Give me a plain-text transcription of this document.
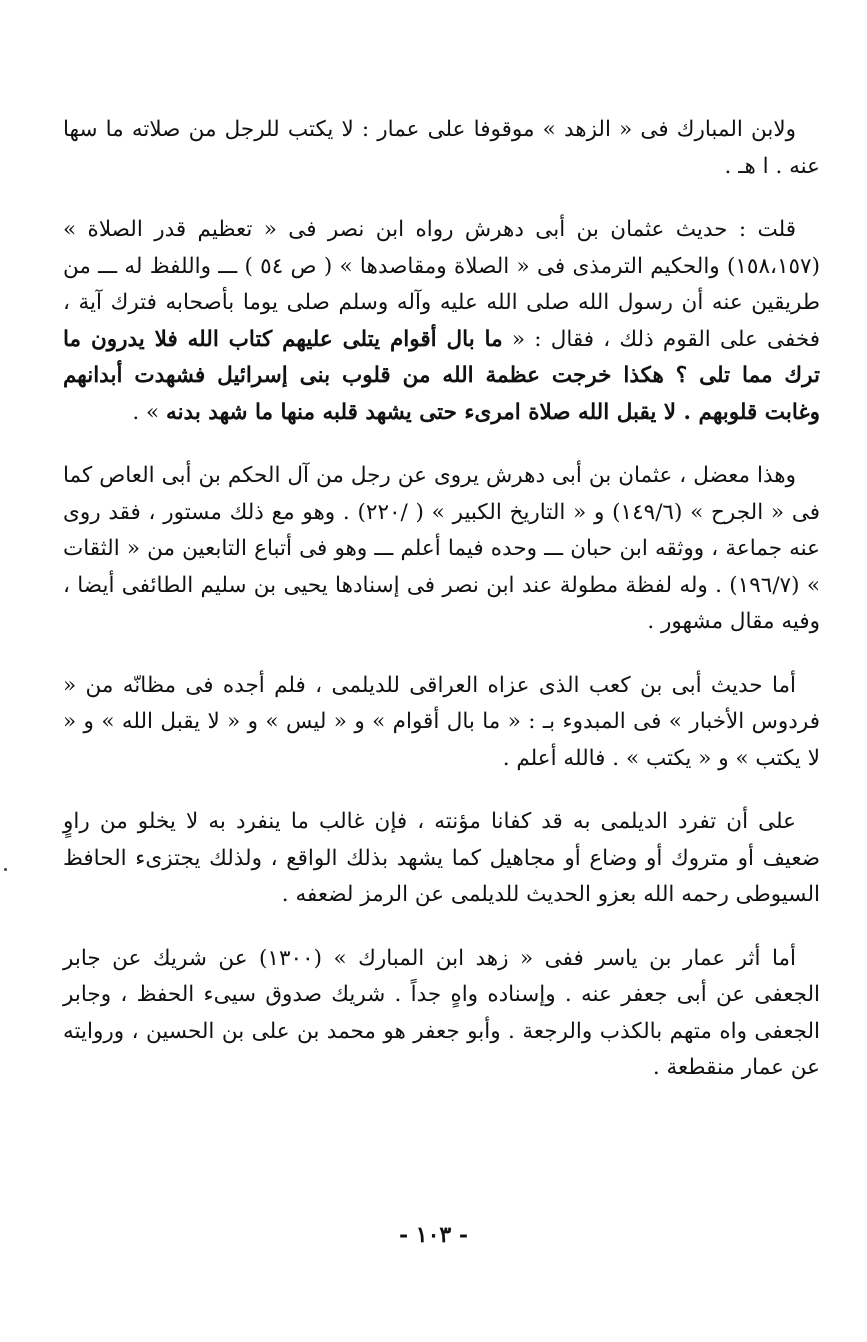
ولابن المبارك فى « الزهد » موقوفا على عمار : لا يكتب للرجل من صلاته ما سها عنه . ا هـ .

قلت : حديث عثمان بن أبى دهرش رواه ابن نصر فى « تعظيم قدر الصلاة » (١٥٨،١٥٧) والحكيم الترمذى فى « الصلاة ومقاصدها » ( ص ٥٤ ) ـــ واللفظ له ـــ من طريقين عنه أن رسول الله صلى الله عليه وآله وسلم صلى يوما بأصحابه فترك آية ، فخفى على القوم ذلك ، فقال : « ما بال أقوام يتلى عليهم كتاب الله فلا يدرون ما ترك مما تلى ؟ هكذا خرجت عظمة الله من قلوب بنى إسرائيل فشهدت أبدانهم وغابت قلوبهم . لا يقبل الله صلاة امرىء حتى يشهد قلبه منها ما شهد بدنه » .

وهذا معضل ، عثمان بن أبى دهرش يروى عن رجل من آل الحكم بن أبى العاص كما فى « الجرح » (١٤٩/٦) و « التاريخ الكبير » ( /٢٢٠) . وهو مع ذلك مستور ، فقد روى عنه جماعة ، ووثقه ابن حبان ـــ وحده فيما أعلم ـــ وهو فى أتباع التابعين من « الثقات » (١٩٦/٧) . وله لفظة مطولة عند ابن نصر فى إسنادها يحيى بن سليم الطائفى أيضا ، وفيه مقال مشهور .

أما حديث أبى بن كعب الذى عزاه العراقى للديلمى ، فلم أجده فى مظانّه من « فردوس الأخبار » فى المبدوء بـ : « ما بال أقوام » و « ليس » و « لا يقبل الله » و « لا يكتب » و « يكتب » . فالله أعلم .

على أن تفرد الديلمى به قد كفانا مؤنته ، فإن غالب ما ينفرد به لا يخلو من راوٍ ضعيف أو متروك أو وضاع أو مجاهيل كما يشهد بذلك الواقع ، ولذلك يجتزىء الحافظ السيوطى رحمه الله بعزو الحديث للديلمى عن الرمز لضعفه .

أما أثر عمار بن ياسر ففى « زهد ابن المبارك » (١٣٠٠) عن شريك عن جابر الجعفى عن أبى جعفر عنه . وإسناده واهٍ جداً . شريك صدوق سيىء الحفظ ، وجابر الجعفى واه متهم بالكذب والرجعة . وأبو جعفر هو محمد بن على بن الحسين ، وروايته عن عمار منقطعة .

- ١٠٣ -
